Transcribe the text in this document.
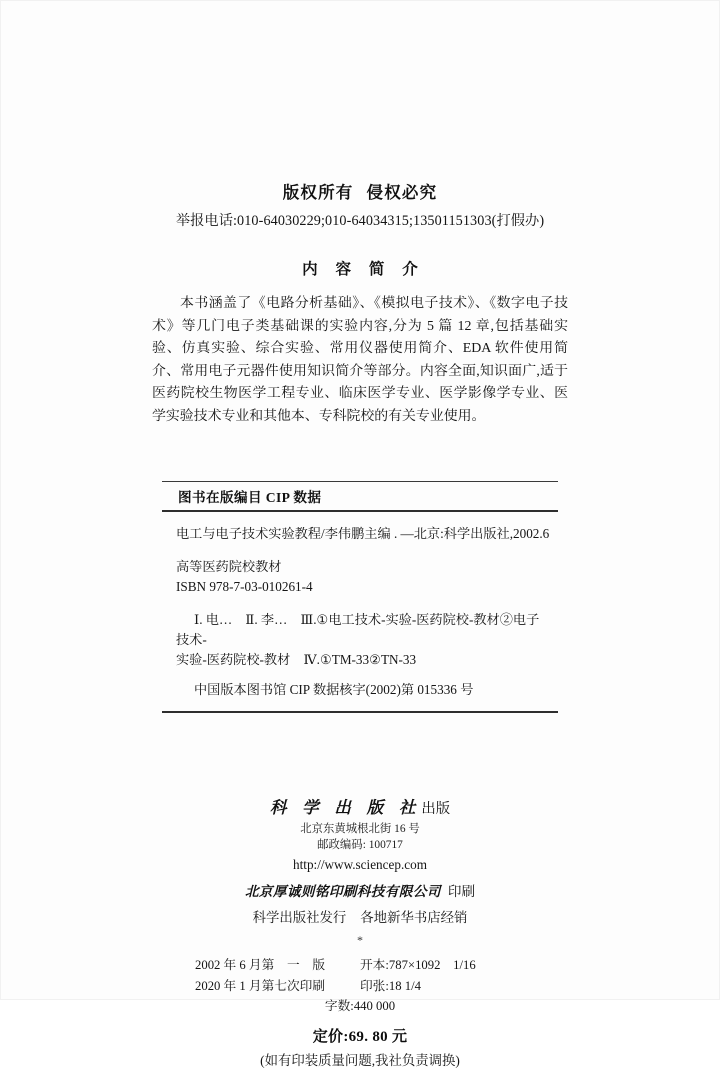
版权所有 侵权必究
举报电话:010-64030229;010-64034315;13501151303(打假办)
内 容 简 介
本书涵盖了《电路分析基础》、《模拟电子技术》、《数字电子技术》等几门电子类基础课的实验内容,分为 5 篇 12 章,包括基础实验、仿真实验、综合实验、常用仪器使用简介、EDA 软件使用简介、常用电子元器件使用知识简介等部分。内容全面,知识面广,适于医药院校生物医学工程专业、临床医学专业、医学影像学专业、医学实验技术专业和其他本、专科院校的有关专业使用。
图书在版编目 CIP 数据

电工与电子技术实验教程/李伟鹏主编 . —北京:科学出版社,2002.6

高等医药院校教材

ISBN 978-7-03-010261-4

Ⅰ. 电…　Ⅱ. 李…　Ⅲ.①电工技术-实验-医药院校-教材②电子技术-

实验-医药院校-教材　Ⅳ.①TM-33②TN-33

中国版本图书馆 CIP 数据核字(2002)第 015336 号

科 学 出 版 社出版
北京东黄城根北街 16 号
邮政编码: 100717
http://www.sciencep.com
北京厚诚则铭印刷科技有限公司 印刷
科学出版社发行 各地新华书店经销
*
2002 年 6 月第　一　版	开本:787×1092　1/16
2020 年 1 月第七次印刷	印张:18 1/4
字数:440 000
定价:69. 80 元
(如有印装质量问题,我社负责调换)
